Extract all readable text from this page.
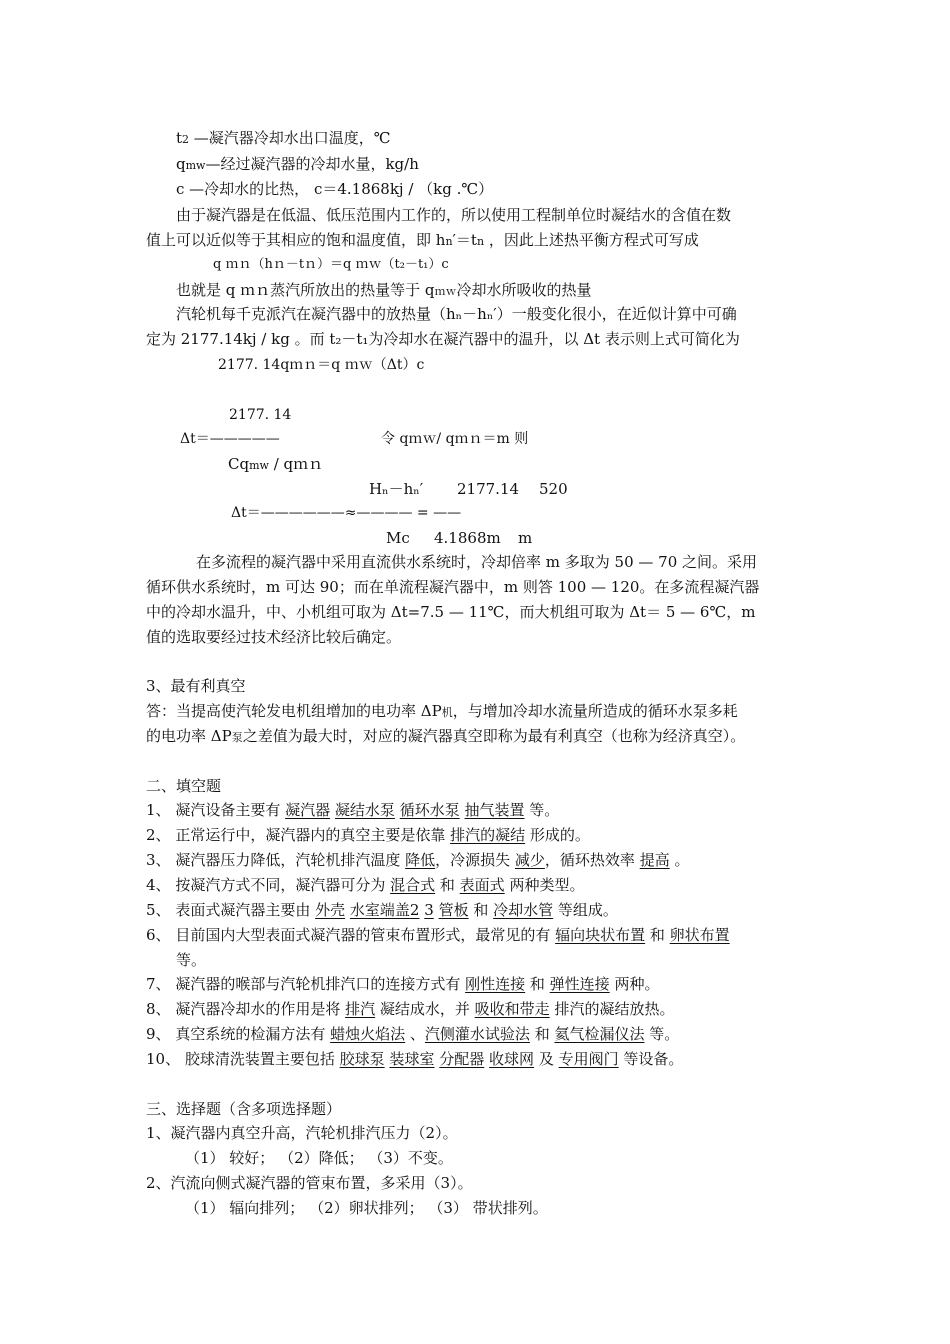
t2 —凝汽器冷却水出口温度，℃
qmw—经过凝汽器的冷却水量，kg/h
c —冷却水的比热， c＝4.1868kj / （kg .℃）
由于凝汽器是在低温、低压范围内工作的，所以使用工程制单位时凝结水的含值在数
值上可以近似等于其相应的饱和温度值，即 hn′＝tn ，因此上述热平衡方程式可写成
q ｍｎ（hｎ－tｎ）＝q ｍｗ（t₂－t₁）c
也就是 q ｍｎ蒸汽所放出的热量等于 qｍｗ冷却水所吸收的热量
汽轮机每千克派汽在凝汽器中的放热量（hₙ－hₙ′）一般变化很小，在近似计算中可确
定为 2177.14kj / kg 。而 t₂－t₁为冷却水在凝汽器中的温升，以 Δt 表示则上式可简化为
2177. 14qｍｎ＝q ｍｗ（Δt）c
2177. 14
Δt＝—————	令 qｍｗ/ qｍｎ＝m 则
Cqmw / qｍｎ
Hₙ－hₙ′ 2177.14 520
Δt＝——————≈———— = ——
Mc 4.1868m m
在多流程的凝汽器中采用直流供水系统时，冷却倍率 m 多取为 50 — 70 之间。采用
循环供水系统时，m 可达 90；而在单流程凝汽器中，m 则答 100 — 120。在多流程凝汽器
中的冷却水温升，中、小机组可取为 Δt=7.5 — 11℃，而大机组可取为 Δt＝ 5 — 6℃，m
值的选取要经过技术经济比较后确定。
3、最有利真空
答：当提高使汽轮发电机组增加的电功率 ΔP机，与增加冷却水流量所造成的循环水泵多耗
的电功率 ΔP泵之差值为最大时，对应的凝汽器真空即称为最有利真空（也称为经济真空）。
二、填空题
1、 凝汽设备主要有 凝汽器 凝结水泵 循环水泵 抽气装置 等。
2、 正常运行中，凝汽器内的真空主要是依靠 排汽的凝结 形成的。
3、 凝汽器压力降低，汽轮机排汽温度 降低，冷源损失 减少，循环热效率 提高 。
4、 按凝汽方式不同，凝汽器可分为 混合式 和 表面式 两种类型。
5、 表面式凝汽器主要由 外壳 水室端盖2 3 管板 和 冷却水管 等组成。
6、 目前国内大型表面式凝汽器的管束布置形式，最常见的有 辐向块状布置 和 卵状布置
等。
7、 凝汽器的喉部与汽轮机排汽口的连接方式有 刚性连接 和 弹性连接 两种。
8、 凝汽器冷却水的作用是将 排汽 凝结成水，并 吸收和带走 排汽的凝结放热。
9、 真空系统的检漏方法有 蜡烛火焰法 、汽侧灌水试验法 和 氦气检漏仪法 等。
10、 胶球清洗装置主要包括 胶球泵 装球室 分配器 收球网 及 专用阀门 等设备。
三、选择题（含多项选择题）
1、凝汽器内真空升高，汽轮机排汽压力（2）。
（1） 较好； （2）降低； （3）不变。
2、汽流向侧式凝汽器的管束布置，多采用（3）。
（1） 辐向排列； （2）卵状排列； （3） 带状排列。
